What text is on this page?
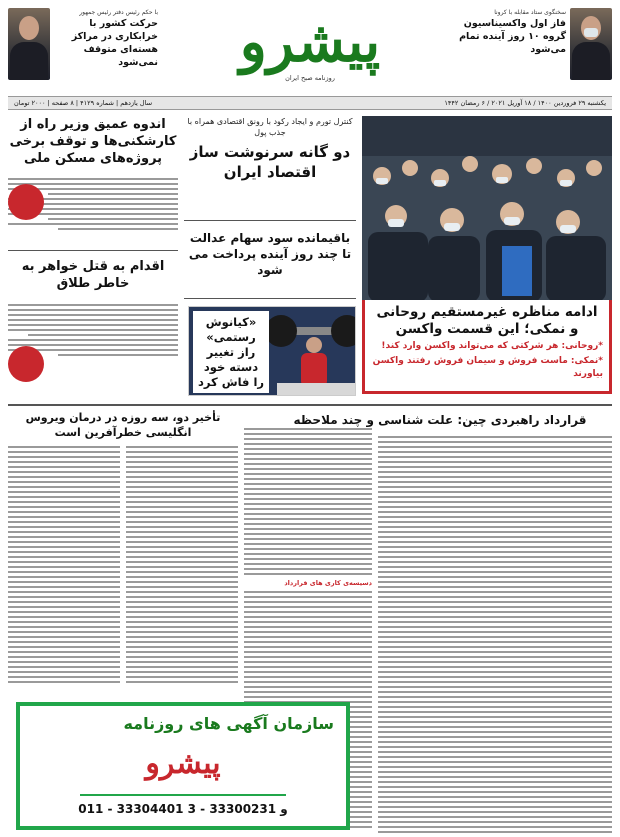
با حکم رئیس دفتر رئیس جمهور
حرکت کشور با خرابکاری در مراکز هسته‌ای متوقف نمی‌شود	پیشرو
روزنامه صبح ایران
سخنگوی ستاد مقابله با کرونا
فاز اول واکسیناسیون گروه ۱۰ روز آینده تمام می‌شود
یکشنبه ۲۹ فروردین ۱۴۰۰ / ۱۸ آوریل ۲۰۲۱ / ۶ رمضان ۱۴۴۲
سال یازدهم | شماره ۴۱۲۹ | ۸ صفحه | ۲۰۰۰ تومان
ادامه مناظره غیرمستقیم روحانی و نمکی؛ این قسمت واکسن
*روحانی: هر شرکتی که می‌تواند واکسن وارد کند!
*نمکی: ماست فروش و سیمان فروش رفتند واکسن بیاورند
کنترل تورم و ایجاد رکود با رونق اقتصادی همراه با جذب پول
دو گانه سرنوشت ساز اقتصاد ایران
باقیمانده سود سهام عدالت تا چند روز آینده پرداخت می شود
«کیانوش رستمی» راز تغییر دسته خود را فاش کرد
اندوه عمیق وزیر راه از کارشکنی‌ها و توقف برخی پروژه‌های مسکن ملی
اقدام به قتل خواهر به خاطر طلاق
قرارداد راهبردی چین: علت شناسی و چند ملاحظه
دسیسه‌ی کاری های قرارداد
تأخیر دو، سه روزه در درمان ویروس انگلیسی خطرآفرین است
سازمان آگهی های روزنامه
پیشرو
011 - 33304401 و 33300231 - 3
